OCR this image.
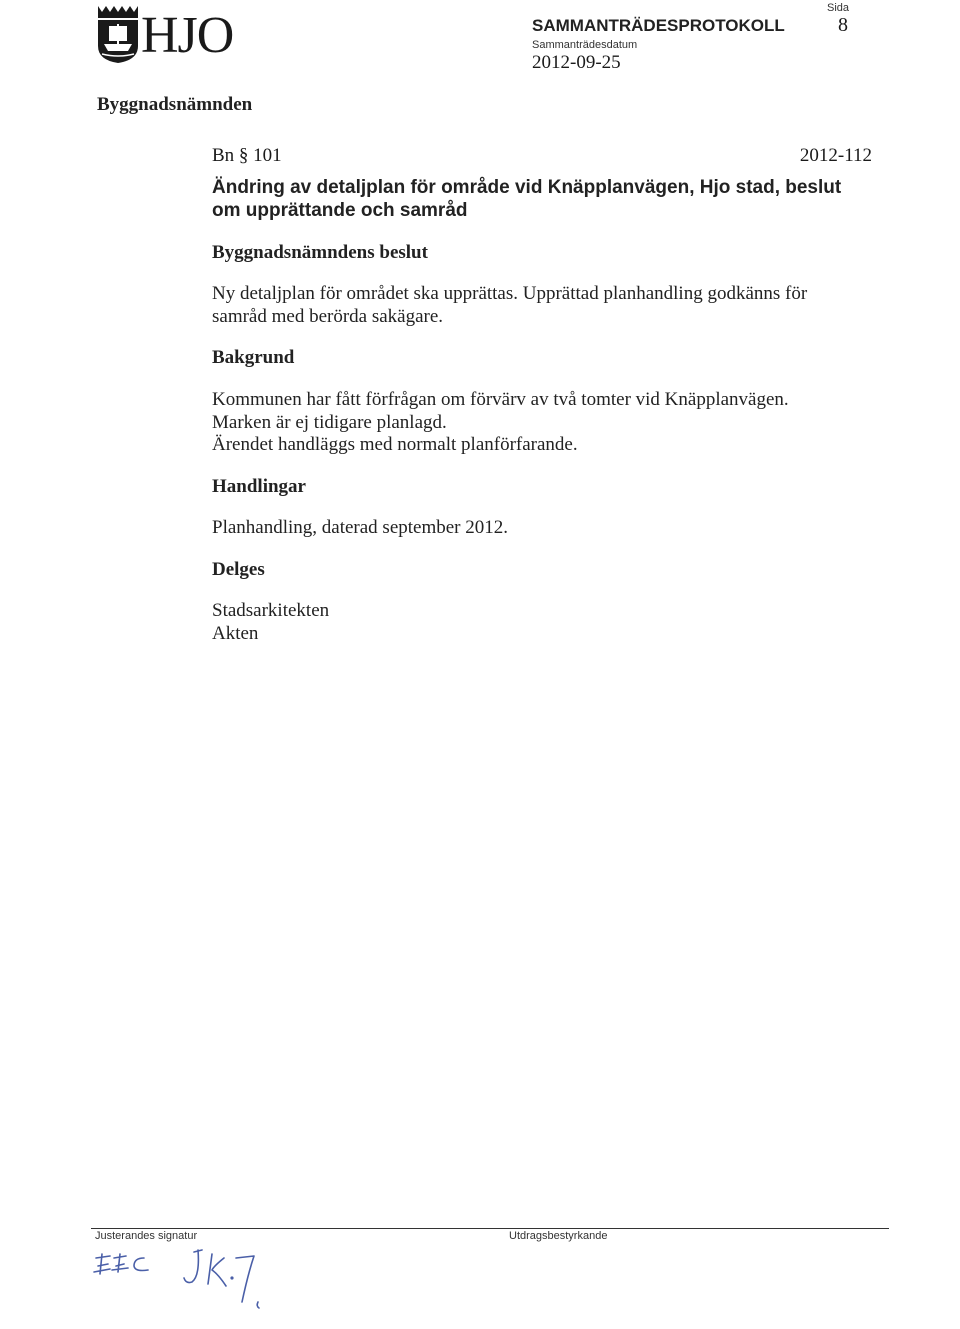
HJO	SAMMANTRÄDESPROTOKOLL
Sida
8
Sammanträdesdatum
2012-09-25
Byggnadsnämnden
Bn § 101	2012-112
Ändring av detaljplan för område vid Knäpplanvägen, Hjo stad, beslut om upprättande och samråd
Byggnadsnämndens beslut
Ny detaljplan för området ska upprättas. Upprättad planhandling godkänns för
samråd med berörda sakägare.
Bakgrund
Kommunen har fått förfrågan om förvärv av två tomter vid Knäpplanvägen.
Marken är ej tidigare planlagd.
Ärendet handläggs med normalt planförfarande.
Handlingar
Planhandling, daterad september 2012.
Delges
Stadsarkitekten
Akten
Justerandes signatur	Utdragsbestyrkande
